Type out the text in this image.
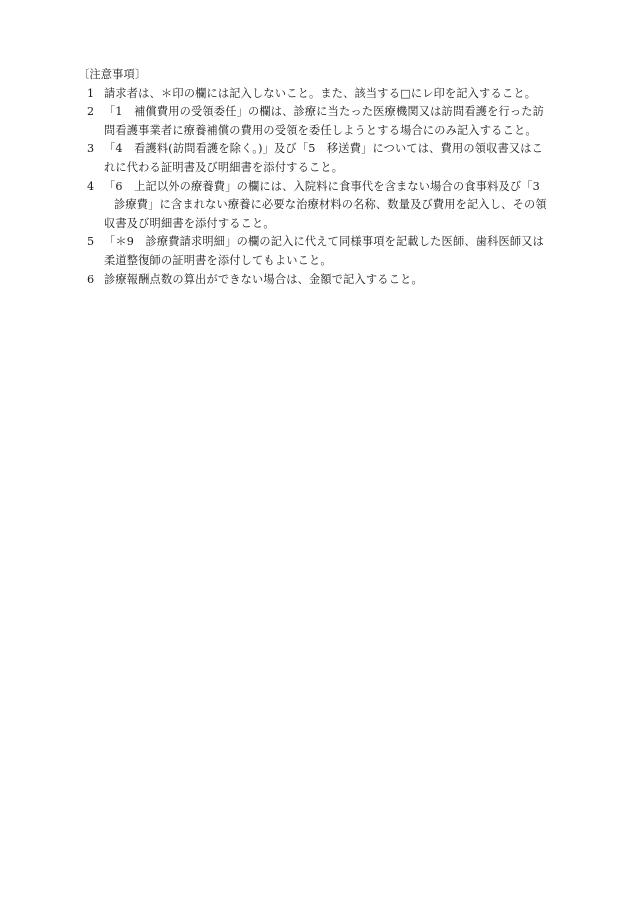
〔注意事項〕
1 請求者は、＊印の欄には記入しないこと。また、該当する□にレ印を記入すること。
2 「1　補償費用の受領委任」の欄は、診療に当たった医療機関又は訪問看護を行った訪
問看護事業者に療養補償の費用の受領を委任しようとする場合にのみ記入すること。
3 「4　看護料(訪問看護を除く。)」及び「5　移送費」については、費用の領収書又はこ
れに代わる証明書及び明細書を添付すること。
4 「6　上記以外の療養費」の欄には、入院料に食事代を含まない場合の食事料及び「3
診療費」に含まれない療養に必要な治療材料の名称、数量及び費用を記入し、その領
収書及び明細書を添付すること。
5 「＊9　診療費請求明細」の欄の記入に代えて同様事項を記載した医師、歯科医師又は
柔道整復師の証明書を添付してもよいこと。
6 診療報酬点数の算出ができない場合は、金額で記入すること。
